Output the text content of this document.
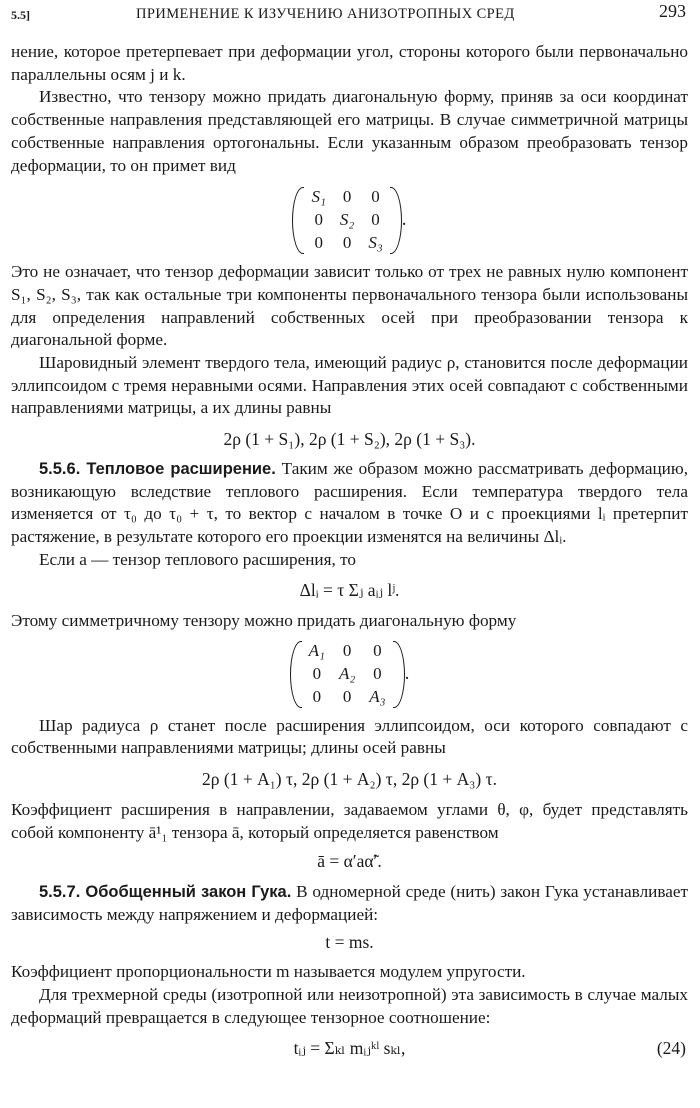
5.5]	ПРИМЕНЕНИЕ К ИЗУЧЕНИЮ АНИЗОТРОПНЫХ СРЕД	293

нение, которое претерпевает при деформации угол, стороны которого были первоначально параллельны осям j и k.

Известно, что тензору можно придать диагональную форму, приняв за оси координат собственные направления представляющей его матрицы. В случае симметричной матрицы собственные направления ортогональны. Если указанным образом преобразовать тензор деформации, то он примет вид

S₁	0	0
0	S₂	0
0	0	S₃
.

Это не означает, что тензор деформации зависит только от трех не равных нулю компонент S₁, S₂, S₃, так как остальные три компоненты первоначального тензора были использованы для определения направлений собственных осей при преобразовании тензора к диагональной форме.

Шаровидный элемент твердого тела, имеющий радиус ρ, становится после деформации эллипсоидом с тремя неравными осями. Направления этих осей совпадают с собственными направлениями матрицы, а их длины равны

2ρ (1 + S₁), 2ρ (1 + S₂), 2ρ (1 + S₃).

5.5.6. Тепловое расширение. Таким же образом можно рассматривать деформацию, возникающую вследствие теплового расширения. Если температура твердого тела изменяется от τ₀ до τ₀ + τ, то вектор с началом в точке O и с проекциями lᵢ претерпит растяжение, в результате которого его проекции изменятся на величины Δlᵢ.

Если a — тензор теплового расширения, то

Δlᵢ = τ Σⱼ aᵢⱼ lʲ.

Этому симметричному тензору можно придать диагональную форму

A₁	0	0
0	A₂	0
0	0	A₃
.

Шар радиуса ρ станет после расширения эллипсоидом, оси которого совпадают с собственными направлениями матрицы; длины осей равны

2ρ (1 + A₁) τ, 2ρ (1 + A₂) τ, 2ρ (1 + A₃) τ.

Коэффициент расширения в направлении, задаваемом углами θ, φ, будет представлять собой компоненту ā¹₁ тензора ā, который определяется равенством

ā = α′aα̃′.

5.5.7. Обобщенный закон Гука. В одномерной среде (нить) закон Гука устанавливает зависимость между напряжением и деформацией:

t = ms.

Коэффициент пропорциональности m называется модулем упругости.

Для трехмерной среды (изотропной или неизотропной) эта зависимость в случае малых деформаций превращается в следующее тензорное соотношение:

tᵢⱼ = Σₖₗ mᵢⱼᵏˡ sₖₗ,	(24)
